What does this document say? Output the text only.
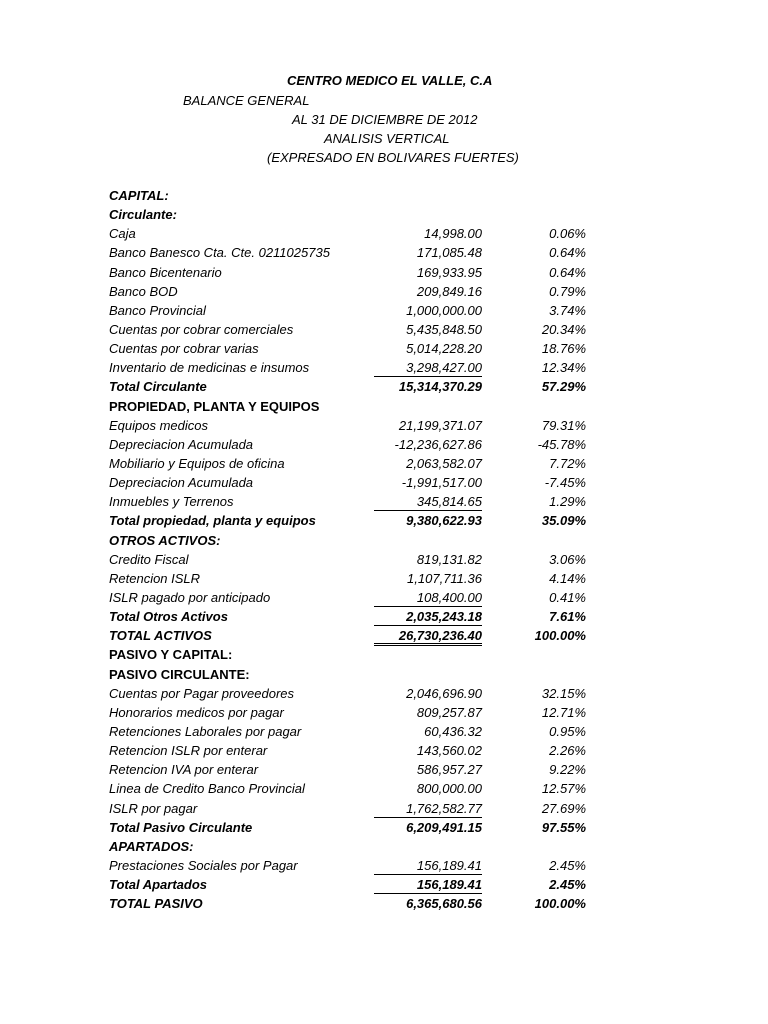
CENTRO MEDICO EL VALLE, C.A
BALANCE GENERAL
AL 31 DE DICIEMBRE DE 2012
ANALISIS VERTICAL
(EXPRESADO EN BOLIVARES FUERTES)
CAPITAL:
Circulante:
Caja	14,998.00	0.06%
Banco Banesco Cta. Cte. 0211025735	171,085.48	0.64%
Banco Bicentenario	169,933.95	0.64%
Banco BOD	209,849.16	0.79%
Banco Provincial	1,000,000.00	3.74%
Cuentas por cobrar comerciales	5,435,848.50	20.34%
Cuentas por cobrar varias	5,014,228.20	18.76%
Inventario de medicinas e insumos	3,298,427.00	12.34%
Total Circulante	15,314,370.29	57.29%
PROPIEDAD, PLANTA Y EQUIPOS
Equipos medicos	21,199,371.07	79.31%
Depreciacion Acumulada	-12,236,627.86	-45.78%
Mobiliario y Equipos de oficina	2,063,582.07	7.72%
Depreciacion Acumulada	-1,991,517.00	-7.45%
Inmuebles y Terrenos	345,814.65	1.29%
Total propiedad, planta y equipos	9,380,622.93	35.09%
OTROS ACTIVOS:
Credito Fiscal	819,131.82	3.06%
Retencion ISLR	1,107,711.36	4.14%
ISLR pagado por anticipado	108,400.00	0.41%
Total Otros Activos	2,035,243.18	7.61%
TOTAL ACTIVOS	26,730,236.40	100.00%
PASIVO Y CAPITAL:
PASIVO CIRCULANTE:
Cuentas por Pagar proveedores	2,046,696.90	32.15%
Honorarios medicos por pagar	809,257.87	12.71%
Retenciones Laborales por pagar	60,436.32	0.95%
Retencion ISLR por enterar	143,560.02	2.26%
Retencion IVA por enterar	586,957.27	9.22%
Linea de Credito Banco Provincial	800,000.00	12.57%
ISLR por pagar	1,762,582.77	27.69%
Total Pasivo Circulante	6,209,491.15	97.55%
APARTADOS:
Prestaciones Sociales por Pagar	156,189.41	2.45%
Total Apartados	156,189.41	2.45%
TOTAL PASIVO	6,365,680.56	100.00%
